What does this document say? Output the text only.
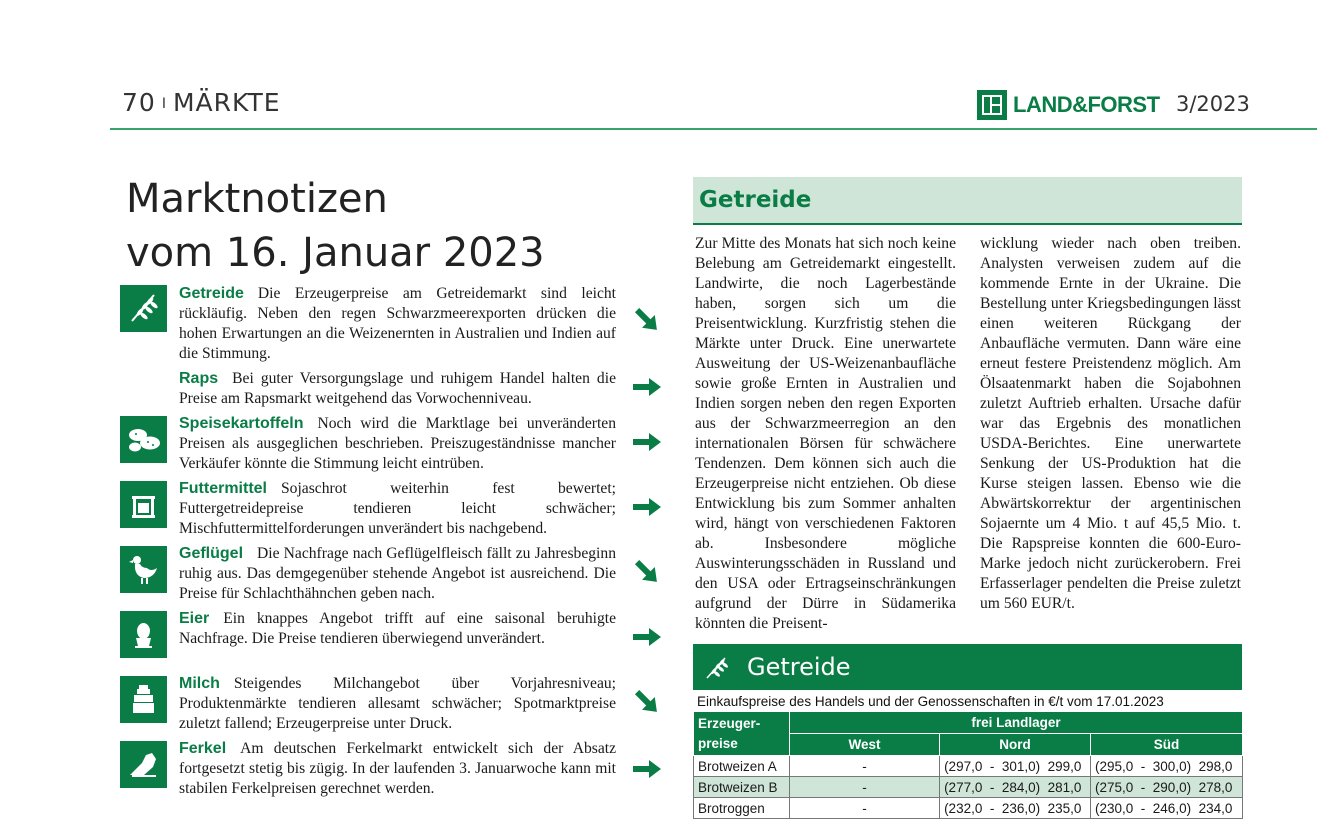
70 I MÄRKTE	LAND&FORST 3/2023
Marktnotizen
vom 16. Januar 2023
Getreide Die Erzeugerpreise am Getreidemarkt sind leicht rückläufig. Neben den regen Schwarzmeerexporten drücken die hohen Erwartungen an die Weizenernten in Australien und Indien auf die Stimmung.
Raps Bei guter Versorgungslage und ruhigem Handel halten die Preise am Rapsmarkt weitgehend das Vorwochenniveau.
Speisekartoffeln Noch wird die Marktlage bei unveränderten Preisen als ausgeglichen beschrieben. Preiszugeständnisse mancher Verkäufer könnte die Stimmung leicht eintrüben.
Futtermittel Sojaschrot weiterhin fest bewertet; Futtergetreidepreise tendieren leicht schwächer; Mischfuttermittelforderungen unverändert bis nachgebend.
Geflügel Die Nachfrage nach Geflügelfleisch fällt zu Jahresbeginn ruhig aus. Das demgegenüber stehende Angebot ist ausreichend. Die Preise für Schlachthähnchen geben nach.
Eier Ein knappes Angebot trifft auf eine saisonal beruhigte Nachfrage. Die Preise tendieren überwiegend unverändert.
Milch Steigendes Milchangebot über Vorjahresniveau; Produktenmärkte tendieren allesamt schwächer; Spotmarktpreise zuletzt fallend; Erzeugerpreise unter Druck.
Ferkel Am deutschen Ferkelmarkt entwickelt sich der Absatz fortgesetzt stetig bis zügig. In der laufenden 3. Januarwoche kann mit stabilen Ferkelpreisen gerechnet werden.
Getreide
Zur Mitte des Monats hat sich noch keine Belebung am Getreidemarkt eingestellt. Landwirte, die noch Lagerbestände haben, sorgen sich um die Preisentwicklung. Kurzfristig stehen die Märkte unter Druck. Eine unerwartete Ausweitung der US-Weizenanbaufläche sowie große Ernten in Australien und Indien sorgen neben den regen Exporten aus der Schwarzmeerregion an den internationalen Börsen für schwächere Tendenzen. Dem können sich auch die Erzeugerpreise nicht entziehen. Ob diese Entwicklung bis zum Sommer anhalten wird, hängt von verschiedenen Faktoren ab. Insbesondere mögliche Auswinterungsschäden in Russland und den USA oder Ertragseinschränkungen aufgrund der Dürre in Südamerika könnten die Preisent-
wicklung wieder nach oben treiben. Analysten verweisen zudem auf die kommende Ernte in der Ukraine. Die Bestellung unter Kriegsbedingungen lässt einen weiteren Rückgang der Anbaufläche vermuten. Dann wäre eine erneut festere Preistendenz möglich. Am Ölsaatenmarkt haben die Sojabohnen zuletzt Auftrieb erhalten. Ursache dafür war das Ergebnis des monatlichen USDA-Berichtes. Eine unerwartete Senkung der US-Produktion hat die Kurse steigen lassen. Ebenso wie die Abwärtskorrektur der argentinischen Sojaernte um 4 Mio. t auf 45,5 Mio. t. Die Rapspreise konnten die 600-Euro-Marke jedoch nicht zurückerobern. Frei Erfasserlager pendelten die Preise zuletzt um 560 EUR/t.
Getreide
Einkaufspreise des Handels und der Genossenschaften in €/t vom 17.01.2023
Erzeuger-
preise	frei Landlager		
	West	Nord	Süd
Brotweizen A	-	(297,0  -  301,0)  299,0	(295,0  -  300,0)  298,0
Brotweizen B	-	(277,0  -  284,0)  281,0	(275,0  -  290,0)  278,0
Brotroggen	-	(232,0  -  236,0)  235,0	(230,0  -  246,0)  234,0
